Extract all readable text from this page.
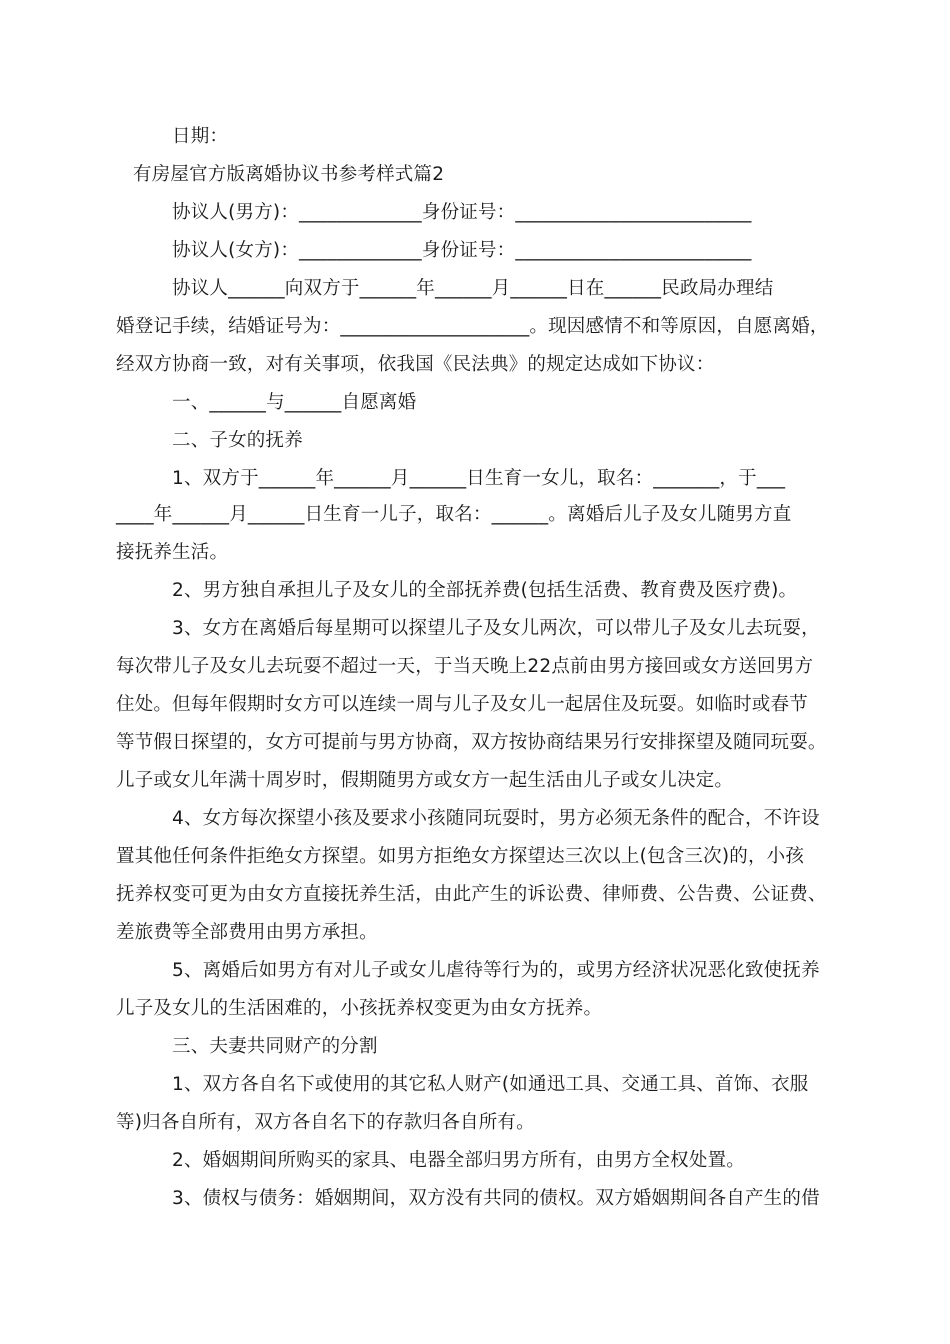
日期：
有房屋官方版离婚协议书参考样式篇2
协议人(男方)：_____________身份证号：_________________________
协议人(女方)：_____________身份证号：_________________________
协议人______向双方于______年______月______日在______民政局办理结
婚登记手续，结婚证号为：____________________。现因感情不和等原因，自愿离婚，
经双方协商一致，对有关事项，依我国《民法典》的规定达成如下协议：
一、______与______自愿离婚
二、子女的抚养
1、双方于______年______月______日生育一女儿，取名：_______，于___
____年______月______日生育一儿子，取名：______。离婚后儿子及女儿随男方直
接抚养生活。
2、男方独自承担儿子及女儿的全部抚养费(包括生活费、教育费及医疗费)。
3、女方在离婚后每星期可以探望儿子及女儿两次，可以带儿子及女儿去玩耍，
每次带儿子及女儿去玩耍不超过一天，于当天晚上22点前由男方接回或女方送回男方
住处。但每年假期时女方可以连续一周与儿子及女儿一起居住及玩耍。如临时或春节
等节假日探望的，女方可提前与男方协商，双方按协商结果另行安排探望及随同玩耍。
儿子或女儿年满十周岁时，假期随男方或女方一起生活由儿子或女儿决定。
4、女方每次探望小孩及要求小孩随同玩耍时，男方必须无条件的配合，不许设
置其他任何条件拒绝女方探望。如男方拒绝女方探望达三次以上(包含三次)的，小孩
抚养权变可更为由女方直接抚养生活，由此产生的诉讼费、律师费、公告费、公证费、
差旅费等全部费用由男方承担。
5、离婚后如男方有对儿子或女儿虐待等行为的，或男方经济状况恶化致使抚养
儿子及女儿的生活困难的，小孩抚养权变更为由女方抚养。
三、夫妻共同财产的分割
1、双方各自名下或使用的其它私人财产(如通迅工具、交通工具、首饰、衣服
等)归各自所有，双方各自名下的存款归各自所有。
2、婚姻期间所购买的家具、电器全部归男方所有，由男方全权处置。
3、债权与债务：婚姻期间，双方没有共同的债权。双方婚姻期间各自产生的借
